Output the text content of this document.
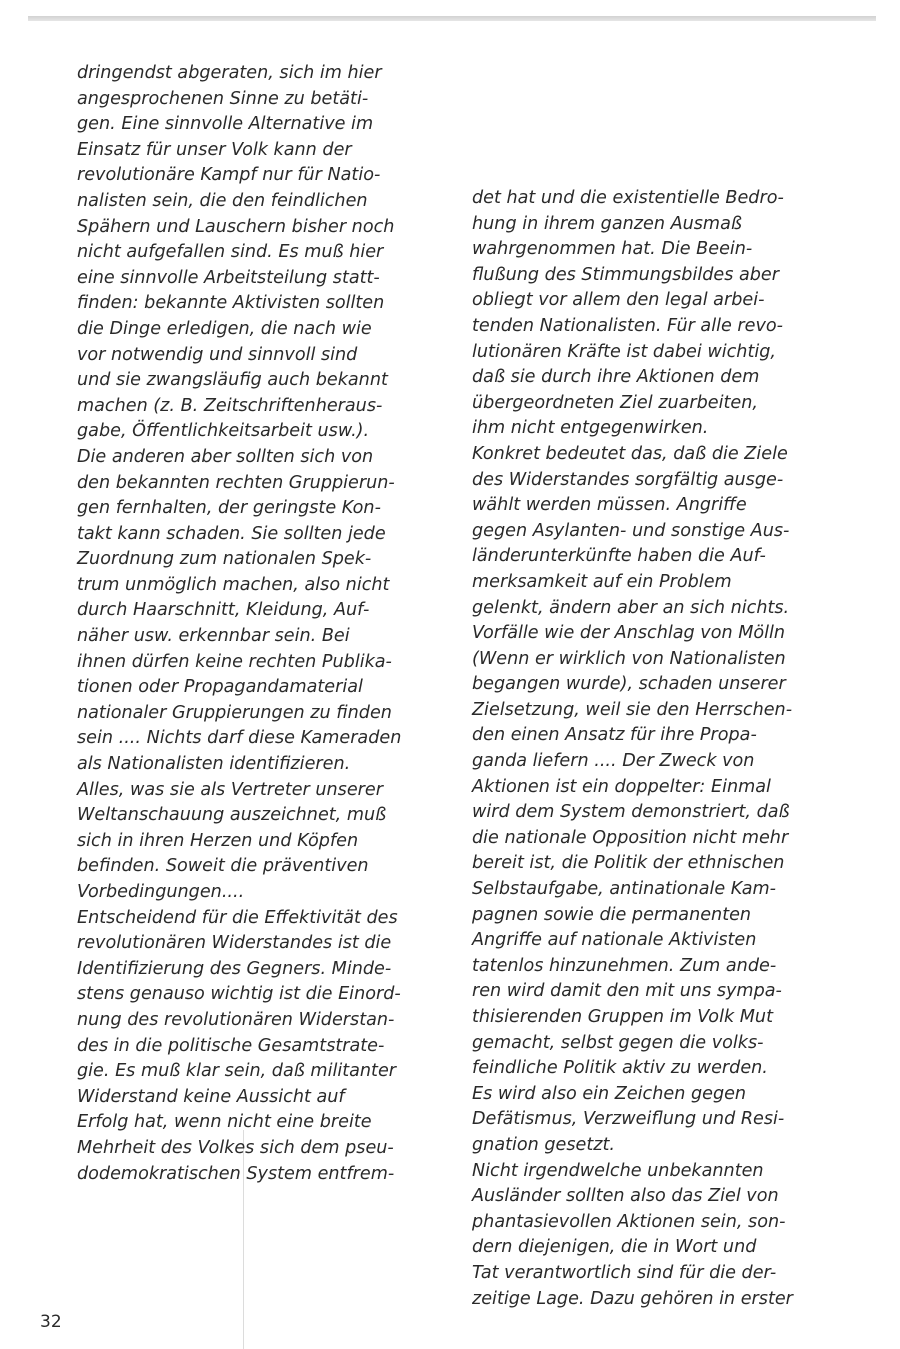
dringendst abgeraten, sich im hier
angesprochenen Sinne zu betäti-
gen. Eine sinnvolle Alternative im
Einsatz für unser Volk kann der
revolutionäre Kampf nur für Natio-
nalisten sein, die den feindlichen
Spähern und Lauschern bisher noch
nicht aufgefallen sind. Es muß hier
eine sinnvolle Arbeitsteilung statt-
finden: bekannte Aktivisten sollten
die Dinge erledigen, die nach wie
vor notwendig und sinnvoll sind
und sie zwangsläufig auch bekannt
machen (z. B. Zeitschriftenheraus-
gabe, Öffentlichkeitsarbeit usw.).
Die anderen aber sollten sich von
den bekannten rechten Gruppierun-
gen fernhalten, der geringste Kon-
takt kann schaden. Sie sollten jede
Zuordnung zum nationalen Spek-
trum unmöglich machen, also nicht
durch Haarschnitt, Kleidung, Auf-
näher usw. erkennbar sein. Bei
ihnen dürfen keine rechten Publika-
tionen oder Propagandamaterial
nationaler Gruppierungen zu finden
sein .... Nichts darf diese Kameraden
als Nationalisten identifizieren.
Alles, was sie als Vertreter unserer
Weltanschauung auszeichnet, muß
sich in ihren Herzen und Köpfen
befinden. Soweit die präventiven
Vorbedingungen....
Entscheidend für die Effektivität des
revolutionären Widerstandes ist die
Identifizierung des Gegners. Minde-
stens genauso wichtig ist die Einord-
nung des revolutionären Widerstan-
des in die politische Gesamtstrate-
gie. Es muß klar sein, daß militanter
Widerstand keine Aussicht auf
Erfolg hat, wenn nicht eine breite
Mehrheit des Volkes sich dem pseu-
dodemokratischen System entfrem-
det hat und die existentielle Bedro-
hung in ihrem ganzen Ausmaß
wahrgenommen hat. Die Beein-
flußung des Stimmungsbildes aber
obliegt vor allem den legal arbei-
tenden Nationalisten. Für alle revo-
lutionären Kräfte ist dabei wichtig,
daß sie durch ihre Aktionen dem
übergeordneten Ziel zuarbeiten,
ihm nicht entgegenwirken.
Konkret bedeutet das, daß die Ziele
des Widerstandes sorgfältig ausge-
wählt werden müssen. Angriffe
gegen Asylanten- und sonstige Aus-
länderunterkünfte haben die Auf-
merksamkeit auf ein Problem
gelenkt, ändern aber an sich nichts.
Vorfälle wie der Anschlag von Mölln
(Wenn er wirklich von Nationalisten
begangen wurde), schaden unserer
Zielsetzung, weil sie den Herrschen-
den einen Ansatz für ihre Propa-
ganda liefern .... Der Zweck von
Aktionen ist ein doppelter: Einmal
wird dem System demonstriert, daß
die nationale Opposition nicht mehr
bereit ist, die Politik der ethnischen
Selbstaufgabe, antinationale Kam-
pagnen sowie die permanenten
Angriffe auf nationale Aktivisten
tatenlos hinzunehmen. Zum ande-
ren wird damit den mit uns sympa-
thisierenden Gruppen im Volk Mut
gemacht, selbst gegen die volks-
feindliche Politik aktiv zu werden.
Es wird also ein Zeichen gegen
Defätismus, Verzweiflung und Resi-
gnation gesetzt.
Nicht irgendwelche unbekannten
Ausländer sollten also das Ziel von
phantasievollen Aktionen sein, son-
dern diejenigen, die in Wort und
Tat verantwortlich sind für die der-
zeitige Lage. Dazu gehören in erster
32
